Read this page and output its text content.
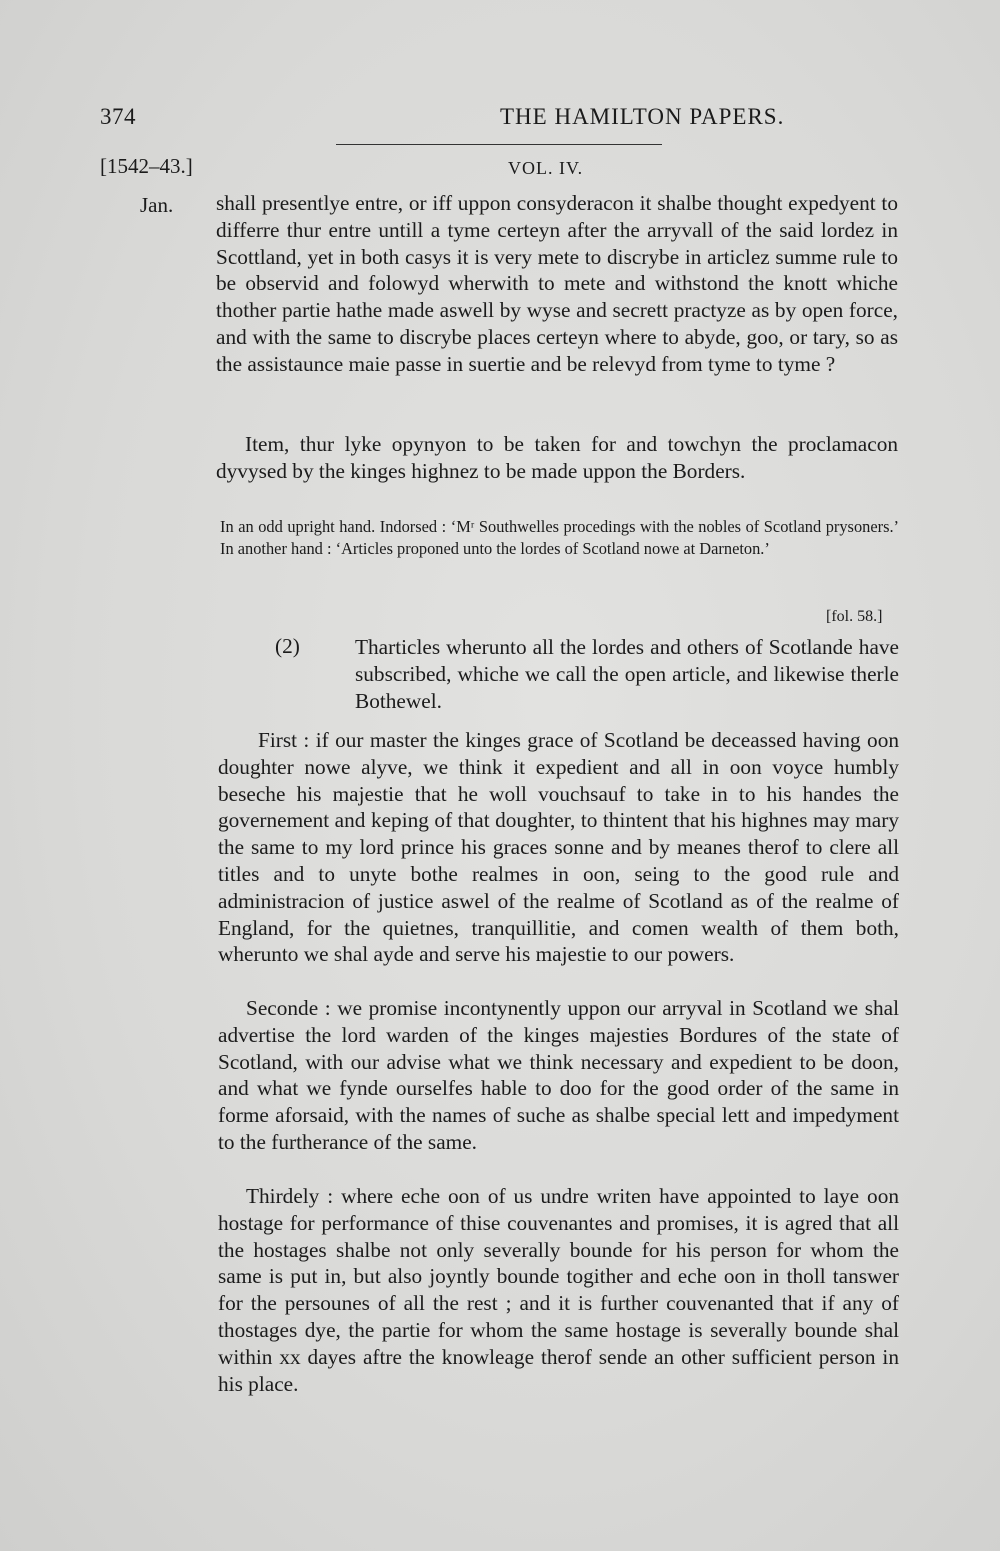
374	THE HAMILTON PAPERS.
[1542–43.]	VOL. IV.
Jan. shall presentlye entre, or iff uppon consyderacon it shalbe thought expedyent to differre thur entre untill a tyme certeyn after the arryvall of the said lordez in Scottland, yet in both casys it is very mete to discrybe in articlez summe rule to be observid and folowyd wherwith to mete and withstond the knott whiche thother partie hathe made aswell by wyse and secrett practyze as by open force, and with the same to discrybe places certeyn where to abyde, goo, or tary, so as the assistaunce maie passe in suertie and be relevyd from tyme to tyme ?

Item, thur lyke opynyon to be taken for and towchyn the proclamacon dyvysed by the kinges highnez to be made uppon the Borders.

In an odd upright hand. Indorsed : ‘Mʳ Southwelles procedings with the nobles of Scotland prysoners.’ In another hand : ‘Articles proponed unto the lordes of Scotland nowe at Darneton.’

[fol. 58.]
(2)	Tharticles wherunto all the lordes and others of Scotlande have subscribed, whiche we call the open article, and likewise therle Bothewel.

First : if our master the kinges grace of Scotland be deceassed having oon doughter nowe alyve, we think it expedient and all in oon voyce humbly beseche his majestie that he woll vouchsauf to take in to his handes the governement and keping of that doughter, to thintent that his highnes may mary the same to my lord prince his graces sonne and by meanes therof to clere all titles and to unyte bothe realmes in oon, seing to the good rule and administracion of justice aswel of the realme of Scotland as of the realme of England, for the quietnes, tranquillitie, and comen wealth of them both, wherunto we shal ayde and serve his majestie to our powers.

Seconde : we promise incontynently uppon our arryval in Scotland we shal advertise the lord warden of the kinges majesties Bordures of the state of Scotland, with our advise what we think necessary and expedient to be doon, and what we fynde ourselfes hable to doo for the good order of the same in forme aforsaid, with the names of suche as shalbe special lett and impedyment to the furtherance of the same.

Thirdely : where eche oon of us undre writen have appointed to laye oon hostage for performance of thise couvenantes and promises, it is agred that all the hostages shalbe not only severally bounde for his person for whom the same is put in, but also joyntly bounde togither and eche oon in tholl tanswer for the persounes of all the rest ; and it is further couvenanted that if any of thostages dye, the partie for whom the same hostage is severally bounde shal within xx dayes aftre the knowleage therof sende an other sufficient person in his place.
